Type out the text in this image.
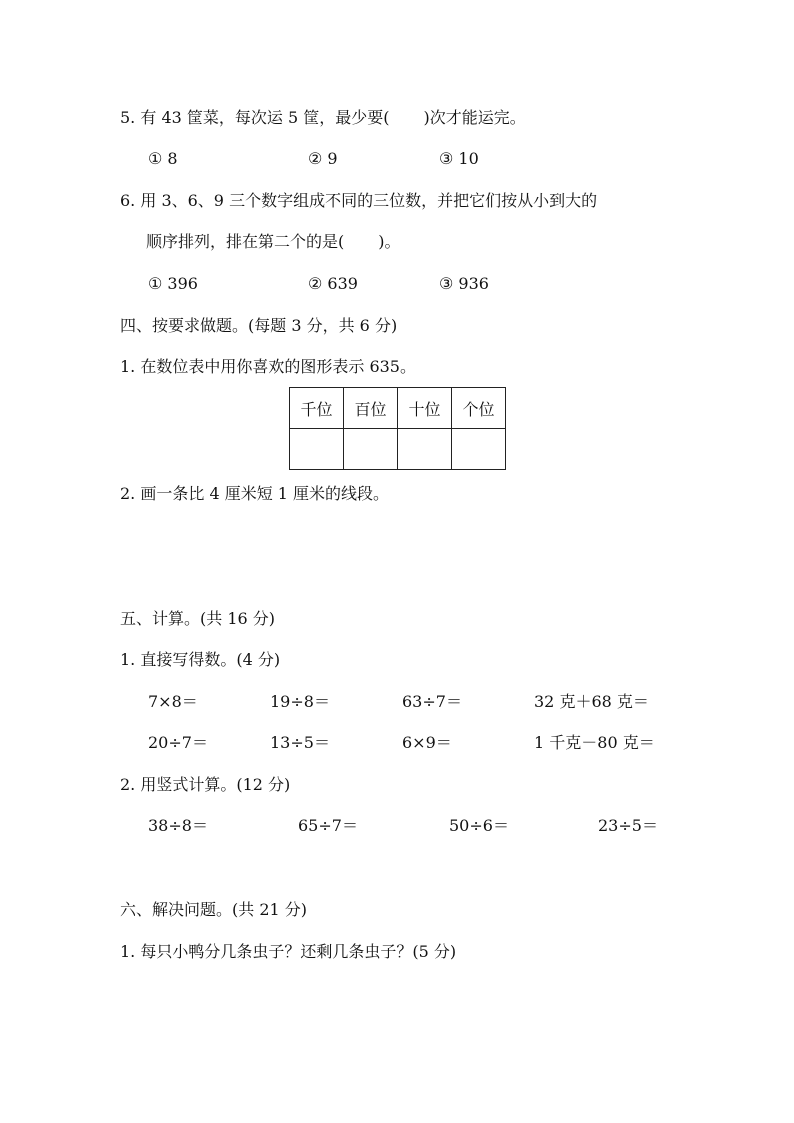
5. 有 43 筐菜，每次运 5 筐，最少要( )次才能运完。
① 8	② 9	③ 10
6. 用 3、6、9 三个数字组成不同的三位数，并把它们按从小到大的
顺序排列，排在第二个的是( )。
① 396	② 639	③ 936
四、按要求做题。(每题 3 分，共 6 分)
1. 在数位表中用你喜欢的图形表示 635。
千位	百位	十位	个位

2. 画一条比 4 厘米短 1 厘米的线段。
五、计算。(共 16 分)
1. 直接写得数。(4 分)
7×8＝	19÷8＝	63÷7＝	32 克＋68 克＝
20÷7＝	13÷5＝	6×9＝	1 千克－80 克＝
2. 用竖式计算。(12 分)
38÷8＝	65÷7＝	50÷6＝	23÷5＝
六、解决问题。(共 21 分)
1. 每只小鸭分几条虫子？还剩几条虫子？(5 分)
